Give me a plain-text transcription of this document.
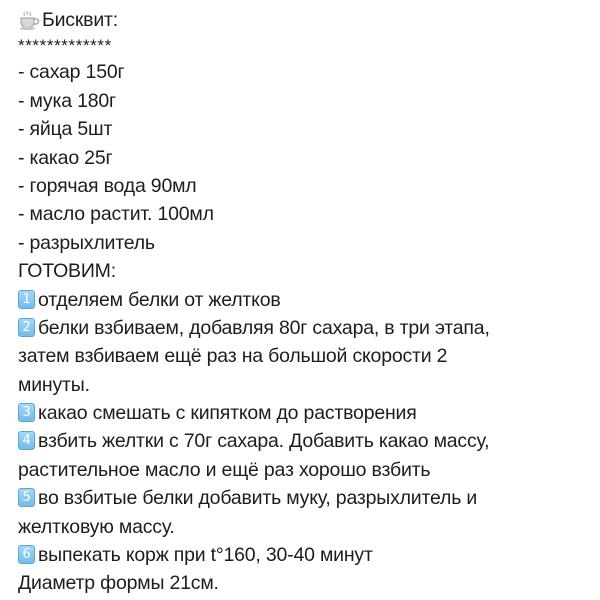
Бисквит:
*************
- сахар 150г
- мука 180г
- яйца 5шт
- какао 25г
- горячая вода 90мл
- масло растит. 100мл
- разрыхлитель
ГОТОВИМ:
1 отделяем белки от желтков
2 белки взбиваем, добавляя 80г сахара, в три этапа,
затем взбиваем ещё раз на большой скорости 2
минуты.
3 какао смешать с кипятком до растворения
4 взбить желтки с 70г сахара. Добавить какао массу,
растительное масло и ещё раз хорошо взбить
5 во взбитые белки добавить муку, разрыхлитель и
желтковую массу.
6 выпекать корж при t°160, 30-40 минут
Диаметр формы 21см.
